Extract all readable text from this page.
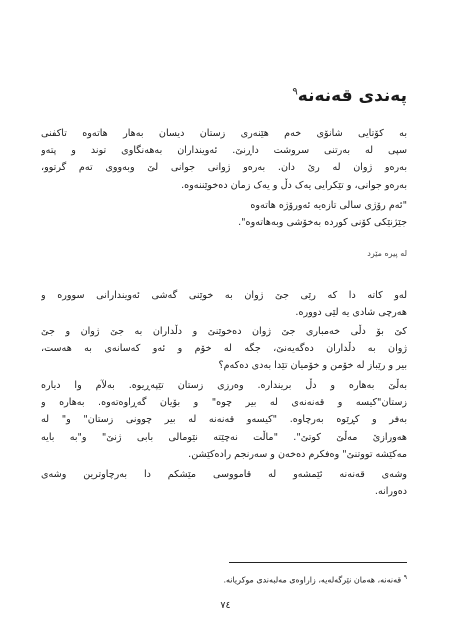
پەندی قەنەنە$^٩$

بە کۆتایی شانۆی خەم هێنەری زستان دیسان بەهار هاتەوە تاکفنی
سپی لە بەرتنی سروشت داڕنێ. ئەوینداران بەهەنگاوی توند و پتەو
بەرەو ژوان لە رێ دان. بەرەو ژوانی جوانی لێ وبەووی تەم گرتوو،
بەرەو جوانی، و تێکرایی یەک دڵ و یەک زمان دەخوێننەوە.

"ئەم رۆژی سالی تازەیە ئەورۆژە هاتەوە
جێژنێکی کۆنی کوردە بەخۆشی وبەهاتەوە".
لە پیرە مێرد

لەو کاتە دا کە رێی جێ ژوان بە خوێنی گەشی ئەویندارانی سوورە و
هەرچی شادی یە لێی دوورە.

کێ بۆ دڵی خەمباری جێ ژوان دەخوێنێ و دڵداران بە جێ ژوان و جێ
ژوان بە دڵداران دەگەیەنێ، جگە لە خۆم و ئەو کەسانەی بە هەست،
بیر و رێباز لە خۆمن و خۆمیان تێدا بەدی دەکەم؟

بەڵێ بەهارە و دڵ بریندارە. وەرزی زستان تێپەڕیوە. بەلآم وا دیارە
زستان"کیسە و قەنەنەی لە بیر چوە" و بۆیان گەڕاوەتەوە. بەهارە و
بەفر و کڕێوە بەرچاوە. "کیسەو قەنەنە لە بیر چوونی زستان" و" لە
هەورازێ مەڵێ کوتێ". "ماڵت نەچێتە نێومالی بابی ژنێ" و"بە بایە
مەکێشە تووتنێ" وەفکرم دەخەن و سەرنجم رادەکێشن.

وشەی قەنەنە ئێمشەو لە قامووسی مێشکم دا بەرچاوترین وشەی
دەورانە.

$^٩$ قەنەنە، هەمان نێرگەلەیە، زاراوەی مەلبەندی موکریانە.
٧٤
